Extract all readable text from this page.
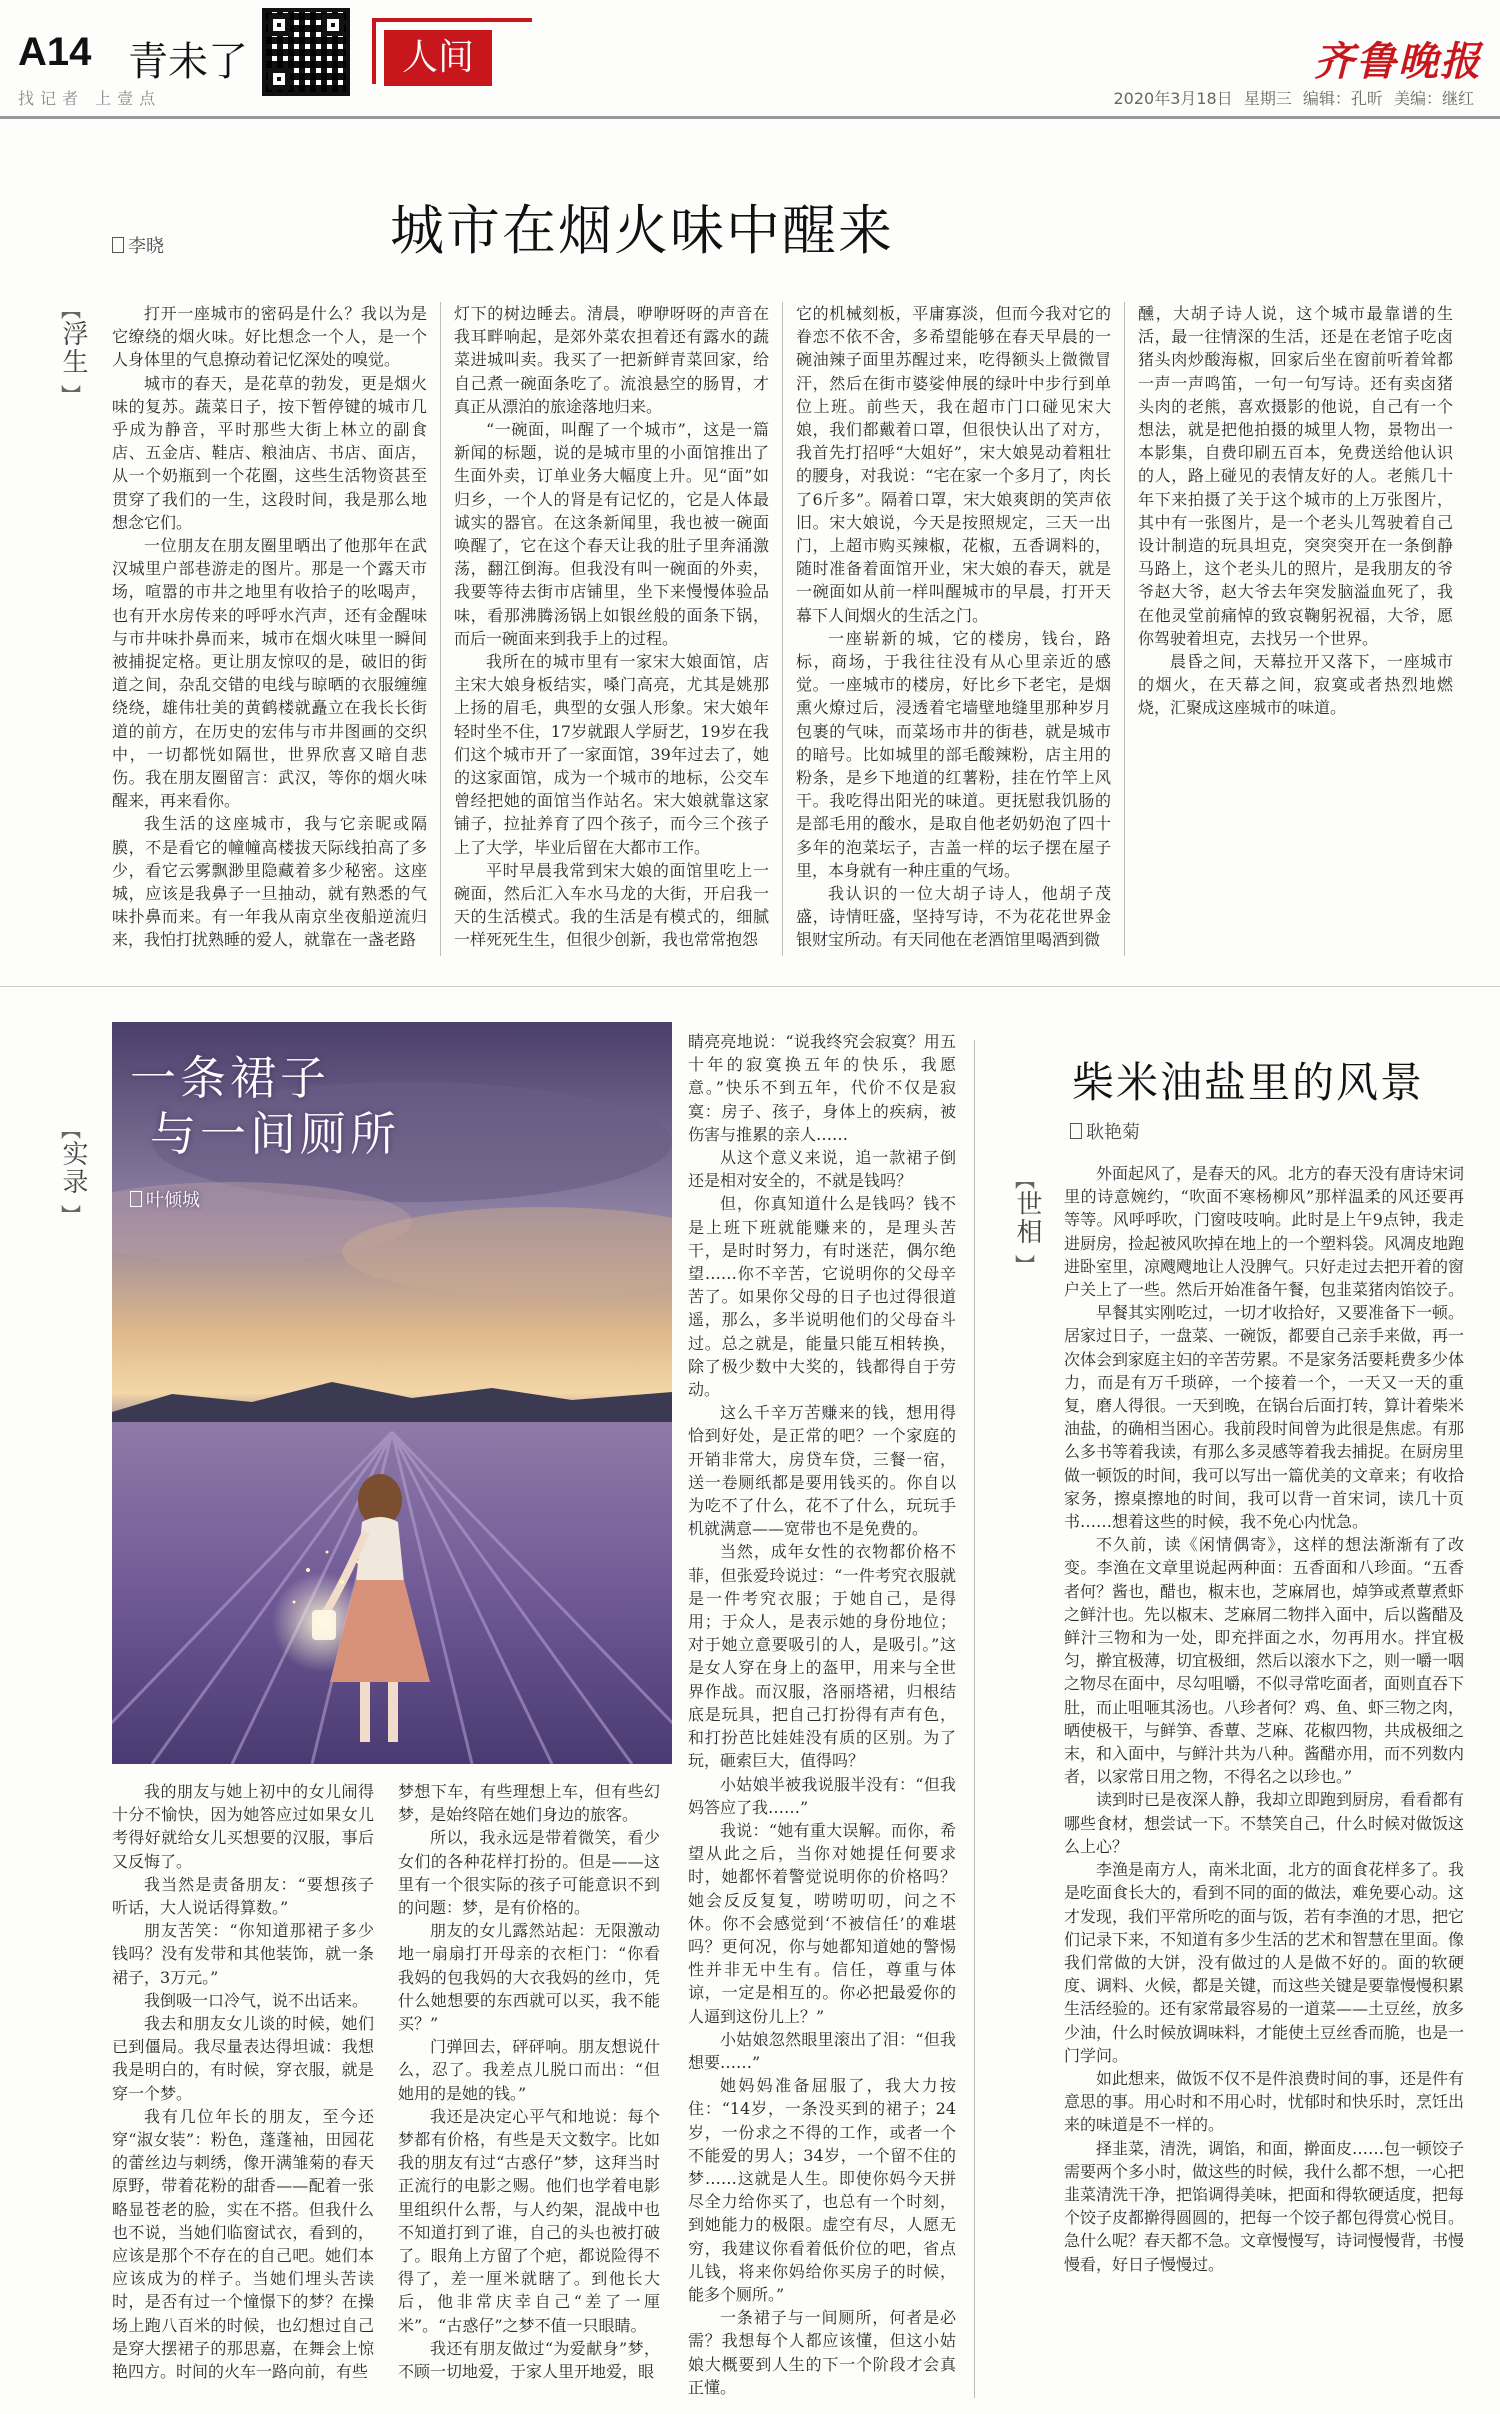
A14 青未了	人间	齐鲁晚报
找记者 上壹点	2020年3月18日 星期三 编辑：孔昕 美编：继红
城市在烟火味中醒来
李晓
︻
浮生
︼

打开一座城市的密码是什么？我以为是它缭绕的烟火味。好比想念一个人，是一个人身体里的气息撩动着记忆深处的嗅觉。

城市的春天，是花草的勃发，更是烟火味的复苏。蔬菜日子，按下暂停键的城市几乎成为静音，平时那些大街上林立的副食店、五金店、鞋店、粮油店、书店、面店，从一个奶瓶到一个花圈，这些生活物资甚至贯穿了我们的一生，这段时间，我是那么地想念它们。

一位朋友在朋友圈里晒出了他那年在武汉城里户部巷游走的图片。那是一个露天市场，喧嚣的市井之地里有收拾子的吆喝声，也有开水房传来的呼呼水汽声，还有金醒味与市井味扑鼻而来，城市在烟火味里一瞬间被捕捉定格。更让朋友惊叹的是，破旧的街道之间，杂乱交错的电线与晾晒的衣服缠缠绕绕，雄伟壮美的黄鹤楼就矗立在我长长街道的前方，在历史的宏伟与市井图画的交织中，一切都恍如隔世，世界欣喜又暗自悲伤。我在朋友圈留言：武汉，等你的烟火味醒来，再来看你。

我生活的这座城市，我与它亲昵或隔膜，不是看它的幢幢高楼拔天际线拍高了多少，看它云雾飘渺里隐藏着多少秘密。这座城，应该是我鼻子一旦抽动，就有熟悉的气味扑鼻而来。有一年我从南京坐夜船逆流归来，我怕打扰熟睡的爱人，就靠在一盏老路

灯下的树边睡去。清晨，咿咿呀呀的声音在我耳畔响起，是郊外菜农担着还有露水的蔬菜进城叫卖。我买了一把新鲜青菜回家，给自己煮一碗面条吃了。流浪悬空的肠胃，才真正从漂泊的旅途落地归来。

“一碗面，叫醒了一个城市”，这是一篇新闻的标题，说的是城市里的小面馆推出了生面外卖，订单业务大幅度上升。见“面”如归乡，一个人的肾是有记忆的，它是人体最诚实的器官。在这条新闻里，我也被一碗面唤醒了，它在这个春天让我的肚子里奔涌激荡，翻江倒海。但我没有叫一碗面的外卖，我要等待去街市店铺里，坐下来慢慢体验品味，看那沸腾汤锅上如银丝般的面条下锅，而后一碗面来到我手上的过程。

我所在的城市里有一家宋大娘面馆，店主宋大娘身板结实，嗓门高亮，尤其是姚那上扬的眉毛，典型的女强人形象。宋大娘年轻时坐不住，17岁就跟人学厨艺，19岁在我们这个城市开了一家面馆，39年过去了，她的这家面馆，成为一个城市的地标，公交车曾经把她的面馆当作站名。宋大娘就靠这家铺子，拉扯养育了四个孩子，而今三个孩子上了大学，毕业后留在大都市工作。

平时早晨我常到宋大娘的面馆里吃上一碗面，然后汇入车水马龙的大街，开启我一天的生活模式。我的生活是有模式的，细腻一样死死生生，但很少创新，我也常常抱怨

它的机械刻板，平庸寡淡，但而今我对它的眷恋不依不舍，多希望能够在春天早晨的一碗油辣子面里苏醒过来，吃得额头上微微冒汗，然后在街市婆娑伸展的绿叶中步行到单位上班。前些天，我在超市门口碰见宋大娘，我们都戴着口罩，但很快认出了对方，我首先打招呼“大姐好”，宋大娘晃动着粗壮的腰身，对我说：“宅在家一个多月了，肉长了6斤多”。隔着口罩，宋大娘爽朗的笑声依旧。宋大娘说，今天是按照规定，三天一出门，上超市购买辣椒，花椒，五香调料的，随时准备着面馆开业，宋大娘的春天，就是一碗面如从前一样叫醒城市的早晨，打开天幕下人间烟火的生活之门。

一座崭新的城，它的楼房，钱台，路标，商场，于我往往没有从心里亲近的感觉。一座城市的楼房，好比乡下老宅，是烟熏火燎过后，浸透着宅墙壁地缝里那种岁月包裹的气味，而菜场市井的街巷，就是城市的暗号。比如城里的部毛酸辣粉，店主用的粉条，是乡下地道的红薯粉，挂在竹竿上风干。我吃得出阳光的味道。更抚慰我饥肠的是部毛用的酸水，是取自他老奶奶泡了四十多年的泡菜坛子，吉盖一样的坛子摆在屋子里，本身就有一种庄重的气场。

我认识的一位大胡子诗人，他胡子茂盛，诗情旺盛，坚持写诗，不为花花世界金银财宝所动。有天同他在老酒馆里喝酒到微

醺，大胡子诗人说，这个城市最靠谱的生活，最一往情深的生活，还是在老馆子吃卤猪头肉炒酸海椒，回家后坐在窗前听着耸都一声一声鸣笛，一句一句写诗。还有卖卤猪头肉的老熊，喜欢摄影的他说，自己有一个想法，就是把他拍摄的城里人物，景物出一本影集，自费印刷五百本，免费送给他认识的人，路上碰见的表情友好的人。老熊几十年下来拍摄了关于这个城市的上万张图片，其中有一张图片，是一个老头儿驾驶着自己设计制造的玩具坦克，突突突开在一条倒静马路上，这个老头儿的照片，是我朋友的爷爷赵大爷，赵大爷去年突发脑溢血死了，我在他灵堂前痛悼的致哀鞠躬祝福，大爷，愿你驾驶着坦克，去找另一个世界。

晨昏之间，天幕拉开又落下，一座城市的烟火，在天幕之间，寂寞或者热烈地燃烧，汇聚成这座城市的味道。

︻
实录
︼
一条裙子
与一间厕所
叶倾城

睛亮亮地说：“说我终究会寂寞？用五十年的寂寞换五年的快乐，我愿意。”快乐不到五年，代价不仅是寂寞：房子、孩子，身体上的疾病，被伤害与推累的亲人……

从这个意义来说，追一款裙子倒还是相对安全的，不就是钱吗？

但，你真知道什么是钱吗？钱不是上班下班就能赚来的，是理头苦干，是时时努力，有时迷茫，偶尔绝望……你不辛苦，它说明你的父母辛苦了。如果你父母的日子也过得很道遥，那么，多半说明他们的父母奋斗过。总之就是，能量只能互相转换，除了极少数中大奖的，钱都得自于劳动。

这么千辛万苦赚来的钱，想用得恰到好处，是正常的吧？一个家庭的开销非常大，房贷车贷，三餐一宿，送一卷厕纸都是要用钱买的。你自以为吃不了什么，花不了什么，玩玩手机就满意——宽带也不是免费的。

当然，成年女性的衣物都价格不菲，但张爱玲说过：“一件考究衣服就是一件考究衣服；于她自己，是得用；于众人，是表示她的身份地位；对于她立意要吸引的人，是吸引。”这是女人穿在身上的盔甲，用来与全世界作战。而汉服，洛丽塔裙，归根结底是玩具，把自己打扮得有声有色，和打扮芭比娃娃没有质的区别。为了玩，砸索巨大，值得吗？

小姑娘半被我说服半没有：“但我妈答应了我……”

我说：“她有重大误解。而你，希望从此之后，当你对她提任何要求时，她都怀着警觉说明你的价格吗？她会反反复复，唠唠叨叨，问之不休。你不会感觉到‘不被信任’的难堪吗？更何况，你与她都知道她的警惕性并非无中生有。信任，尊重与体谅，一定是相互的。你必把最爱你的人逼到这份儿上？”

小姑娘忽然眼里滚出了泪：“但我想要……”

她妈妈准备屈服了，我大力按住：“14岁，一条没买到的裙子；24岁，一份求之不得的工作，或者一个不能爱的男人；34岁，一个留不住的梦……这就是人生。即使你妈今天拼尽全力给你买了，也总有一个时刻，到她能力的极限。虚空有尽，人愿无穷，我建议你看着低价位的吧，省点儿钱，将来你妈给你买房子的时候，能多个厕所。”

一条裙子与一间厕所，何者是必需？我想每个人都应该懂，但这小姑娘大概要到人生的下一个阶段才会真正懂。

我的朋友与她上初中的女儿闹得十分不愉快，因为她答应过如果女儿考得好就给女儿买想要的汉服，事后又反悔了。

我当然是责备朋友：“要想孩子听话，大人说话得算数。”

朋友苦笑：“你知道那裙子多少钱吗？没有发带和其他装饰，就一条裙子，3万元。”

我倒吸一口冷气，说不出话来。

我去和朋友女儿谈的时候，她们已到僵局。我尽量表达得坦诚：我想我是明白的，有时候，穿衣服，就是穿一个梦。

我有几位年长的朋友，至今还穿“淑女装”：粉色，蓬蓬袖，田园花的蕾丝边与刺绣，像开满雏菊的春天原野，带着花粉的甜香——配着一张略显苍老的脸，实在不搭。但我什么也不说，当她们临窗试衣，看到的，应该是那个不存在的自己吧。她们本应该成为的样子。当她们埋头苦读时，是否有过一个憧憬下的梦？在操场上跑八百米的时候，也幻想过自己是穿大摆裙子的那思嘉，在舞会上惊艳四方。时间的火车一路向前，有些

梦想下车，有些理想上车，但有些幻梦，是始终陪在她们身边的旅客。

所以，我永远是带着微笑，看少女们的各种花样打扮的。但是——这里有一个很实际的孩子可能意识不到的问题：梦，是有价格的。

朋友的女儿露然站起：无限激动地一扇扇打开母亲的衣柜门：“你看我妈的包我妈的大衣我妈的丝巾，凭什么她想要的东西就可以买，我不能买？”

门弹回去，砰砰响。朋友想说什么，忍了。我差点儿脱口而出：“但她用的是她的钱。”

我还是决定心平气和地说：每个梦都有价格，有些是天文数字。比如我的朋友有过“古惑仔”梦，这拜当时正流行的电影之赐。他们也学着电影里组织什么帮，与人约架，混战中也不知道打到了谁，自己的头也被打破了。眼角上方留了个疤，都说险得不得了，差一厘米就瞎了。到他长大后，他非常庆幸自己“差了一厘米”。“古惑仔”之梦不值一只眼睛。

我还有朋友做过“为爱献身”梦，不顾一切地爱，于家人里开地爱，眼

柴米油盐里的风景
耿艳菊
︻
世相
︼

外面起风了，是春天的风。北方的春天没有唐诗宋词里的诗意婉约，“吹面不寒杨柳风”那样温柔的风还要再等等。风呼呼吹，门窗吱吱响。此时是上午9点钟，我走进厨房，捡起被风吹掉在地上的一个塑料袋。风凋皮地跑进卧室里，凉飕飕地让人没脾气。只好走过去把开着的窗户关上了一些。然后开始准备午餐，包韭菜猪肉馅饺子。

早餐其实刚吃过，一切才收拾好，又要准备下一顿。居家过日子，一盘菜、一碗饭，都要自己亲手来做，再一次体会到家庭主妇的辛苦劳累。不是家务活要耗费多少体力，而是有万千琐碎，一个接着一个，一天又一天的重复，磨人得很。一天到晚，在锅台后面打转，算计着柴米油盐，的确相当困心。我前段时间曾为此很是焦虑。有那么多书等着我读，有那么多灵感等着我去捕捉。在厨房里做一顿饭的时间，我可以写出一篇优美的文章来；有收拾家务，擦桌擦地的时间，我可以背一首宋词，读几十页书……想着这些的时候，我不免心内忧急。

不久前，读《闲情偶寄》，这样的想法渐渐有了改变。李渔在文章里说起两种面：五香面和八珍面。“五香者何？酱也，醋也，椒末也，芝麻屑也，焯笋或煮蕈煮虾之鲜汁也。先以椒末、芝麻屑二物拌入面中，后以酱醋及鲜汁三物和为一处，即充拌面之水，勿再用水。拌宜极匀，擀宜极薄，切宜极细，然后以滚水下之，则一嚼一咽之物尽在面中，尽勾咀嚼，不似寻常吃面者，面则直吞下肚，而止咀咂其汤也。八珍者何？鸡、鱼、虾三物之肉，晒使极干，与鲜笋、香蕈、芝麻、花椒四物，共成极细之末，和入面中，与鲜汁共为八种。酱醋亦用，而不列数内者，以家常日用之物，不得名之以珍也。”

读到时已是夜深人静，我却立即跑到厨房，看看都有哪些食材，想尝试一下。不禁笑自己，什么时候对做饭这么上心？

李渔是南方人，南米北面，北方的面食花样多了。我是吃面食长大的，看到不同的面的做法，难免要心动。这才发现，我们平常所吃的面与饭，若有李渔的才思，把它们记录下来，不知道有多少生活的艺术和智慧在里面。像我们常做的大饼，没有做过的人是做不好的。面的软硬度、调料、火候，都是关键，而这些关键是要靠慢慢积累生活经验的。还有家常最容易的一道菜——土豆丝，放多少油，什么时候放调味料，才能使土豆丝香而脆，也是一门学问。

如此想来，做饭不仅不是件浪费时间的事，还是件有意思的事。用心时和不用心时，忧郁时和快乐时，烹饪出来的味道是不一样的。

择韭菜，清洗，调馅，和面，擀面皮……包一顿饺子需要两个多小时，做这些的时候，我什么都不想，一心把韭菜清洗干净，把馅调得美味，把面和得软硬适度，把每个饺子皮都擀得圆圆的，把每一个饺子都包得赏心悦目。急什么呢？春天都不急。文章慢慢写，诗词慢慢背，书慢慢看，好日子慢慢过。
